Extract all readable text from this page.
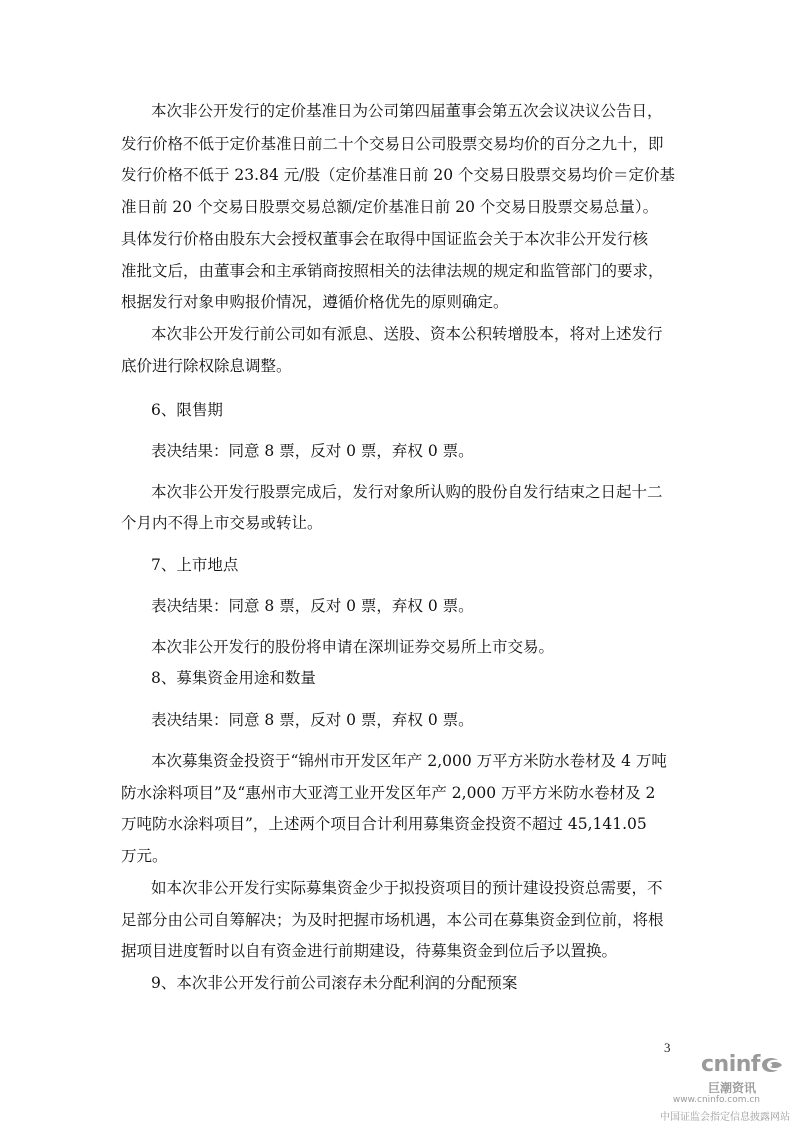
本次非公开发行的定价基准日为公司第四届董事会第五次会议决议公告日，

发行价格不低于定价基准日前二十个交易日公司股票交易均价的百分之九十，即

发行价格不低于 23.84 元/股（定价基准日前 20 个交易日股票交易均价＝定价基

准日前 20 个交易日股票交易总额/定价基准日前 20 个交易日股票交易总量）。

具体发行价格由股东大会授权董事会在取得中国证监会关于本次非公开发行核

准批文后，由董事会和主承销商按照相关的法律法规的规定和监管部门的要求，

根据发行对象申购报价情况，遵循价格优先的原则确定。

本次非公开发行前公司如有派息、送股、资本公积转增股本，将对上述发行

底价进行除权除息调整。

6、限售期

表决结果：同意 8 票，反对 0 票，弃权 0 票。

本次非公开发行股票完成后，发行对象所认购的股份自发行结束之日起十二

个月内不得上市交易或转让。

7、上市地点

表决结果：同意 8 票，反对 0 票，弃权 0 票。

本次非公开发行的股份将申请在深圳证券交易所上市交易。

8、募集资金用途和数量

表决结果：同意 8 票，反对 0 票，弃权 0 票。

本次募集资金投资于“锦州市开发区年产 2,000 万平方米防水卷材及 4 万吨

防水涂料项目”及“惠州市大亚湾工业开发区年产 2,000 万平方米防水卷材及 2

万吨防水涂料项目”，上述两个项目合计利用募集资金投资不超过 45,141.05

万元。

如本次非公开发行实际募集资金少于拟投资项目的预计建设投资总需要，不

足部分由公司自筹解决；为及时把握市场机遇，本公司在募集资金到位前，将根

据项目进度暂时以自有资金进行前期建设，待募集资金到位后予以置换。

9、本次非公开发行前公司滚存未分配利润的分配预案

3
cninf
巨潮资讯
www.cninfo.com.cn
中国证监会指定信息披露网站
